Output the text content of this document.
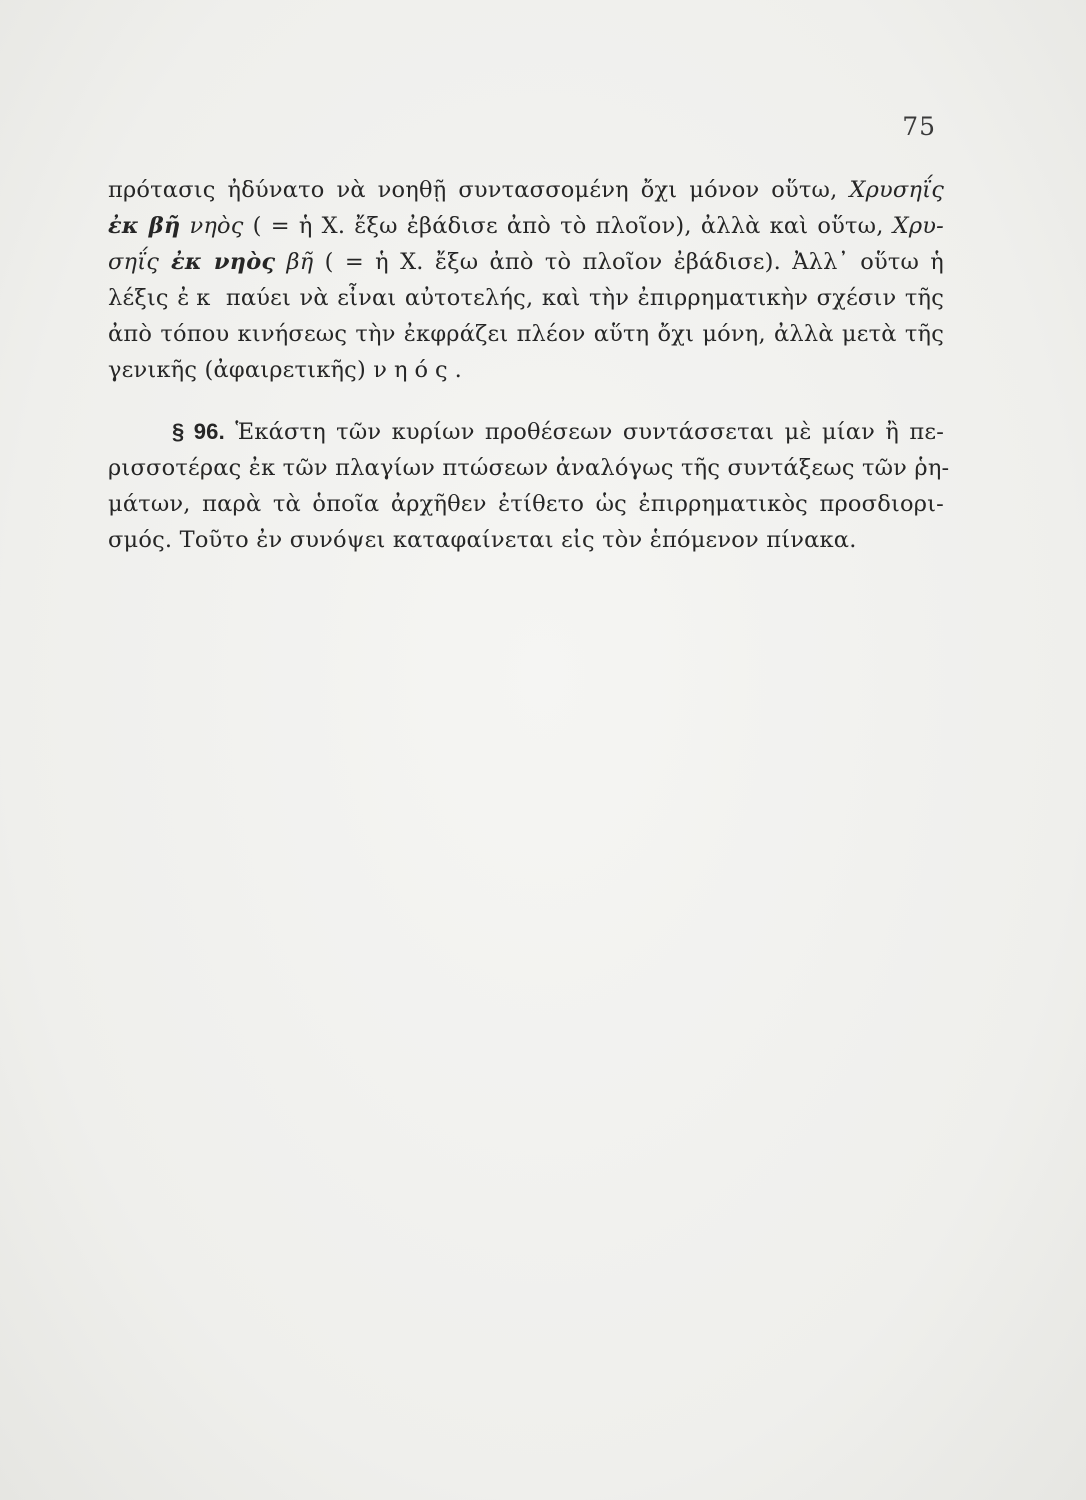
75
πρότασις ἠδύνατο νὰ νοηθῇ συντασσομένη ὄχι μόνον οὕτω, Χρυσηΐς
ἐκ βῆ νηὸς ( = ἡ Χ. ἔξω ἐβάδισε ἀπὸ τὸ πλοῖον), ἀλλὰ καὶ οὕτω, Χρυ-
σηΐς ἐκ νηὸς βῆ ( = ἡ Χ. ἔξω ἀπὸ τὸ πλοῖον ἐβάδισε). Ἀλλ᾽ οὕτω ἡ
λέξις ἐκ παύει νὰ εἶναι αὐτοτελής, καὶ τὴν ἐπιρρηματικὴν σχέσιν τῆς
ἀπὸ τόπου κινήσεως τὴν ἐκφράζει πλέον αὕτη ὄχι μόνη, ἀλλὰ μετὰ τῆς
γενικῆς (ἀφαιρετικῆς) νηός.
§ 96. Ἑκάστη τῶν κυρίων προθέσεων συντάσσεται μὲ μίαν ἢ πε-
ρισσοτέρας ἐκ τῶν πλαγίων πτώσεων ἀναλόγως τῆς συντάξεως τῶν ῥη-
μάτων, παρὰ τὰ ὁποῖα ἀρχῆθεν ἐτίθετο ὡς ἐπιρρηματικὸς προσδιορι-
σμός. Τοῦτο ἐν συνόψει καταφαίνεται εἰς τὸν ἑπόμενον πίνακα.
